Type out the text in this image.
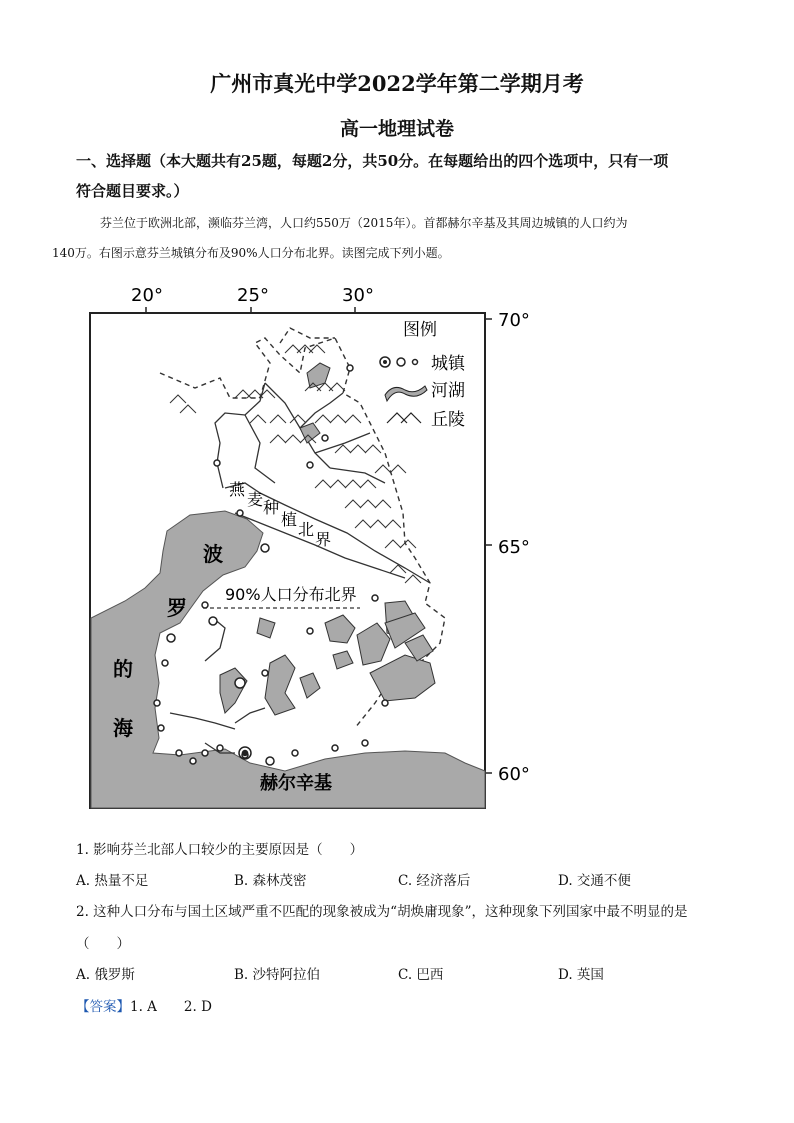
广州市真光中学2022学年第二学期月考
高一地理试卷
一、选择题（本大题共有25题，每题2分，共50分。在每题给出的四个选项中，只有一项
符合题目要求。）
芬兰位于欧洲北部，濒临芬兰湾，人口约550万（2015年）。首都赫尔辛基及其周边城镇的人口约为
140万。右图示意芬兰城镇分布及90%人口分布北界。读图完成下列小题。
20°	25°	30°
70°
65°
60°
图例
城镇
河湖
丘陵
燕
麦 种
植
北
界
90%人口分布北界
波
罗
的
海
赫尔辛基
1. 影响芬兰北部人口较少的主要原因是（　　）
A. 热量不足	B. 森林茂密	C. 经济落后	D. 交通不便
2. 这种人口分布与国土区域严重不匹配的现象被成为“胡焕庸现象”，这种现象下列国家中最不明显的是
（　　）
A. 俄罗斯	B. 沙特阿拉伯	C. 巴西	D. 英国
【答案】1. A　　2. D
